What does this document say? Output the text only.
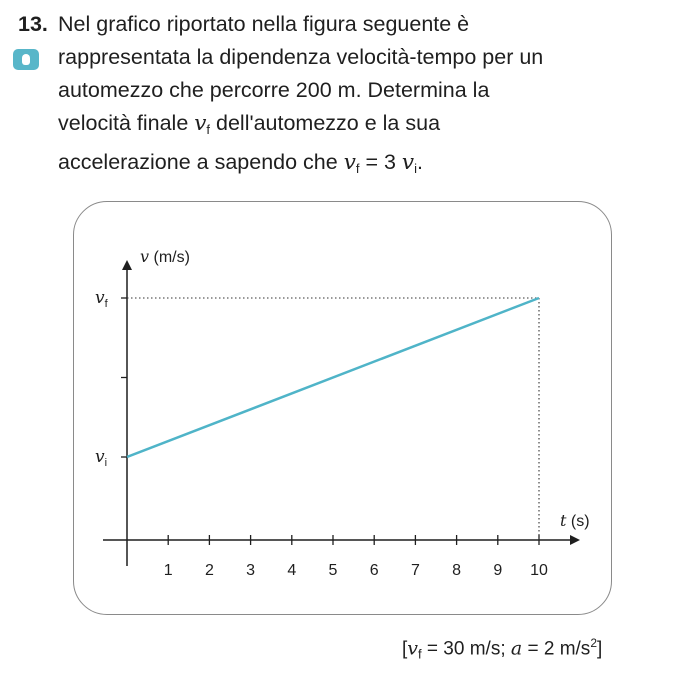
13. Nel grafico riportato nella figura seguente è
rappresentata la dipendenza velocità-tempo per un
automezzo che percorre 200 m. Determina la
velocità finale $v_f$ dell'automezzo e la sua
accelerazione a sapendo che $v_f = 3$ $v_i$.
1 2 3 4 5 6 7 8 9 10
$v_i$
$v_f$
t (s)
v (m/s)
[$v_f = 30$ m/s; a = 2 $m/s^2$]
